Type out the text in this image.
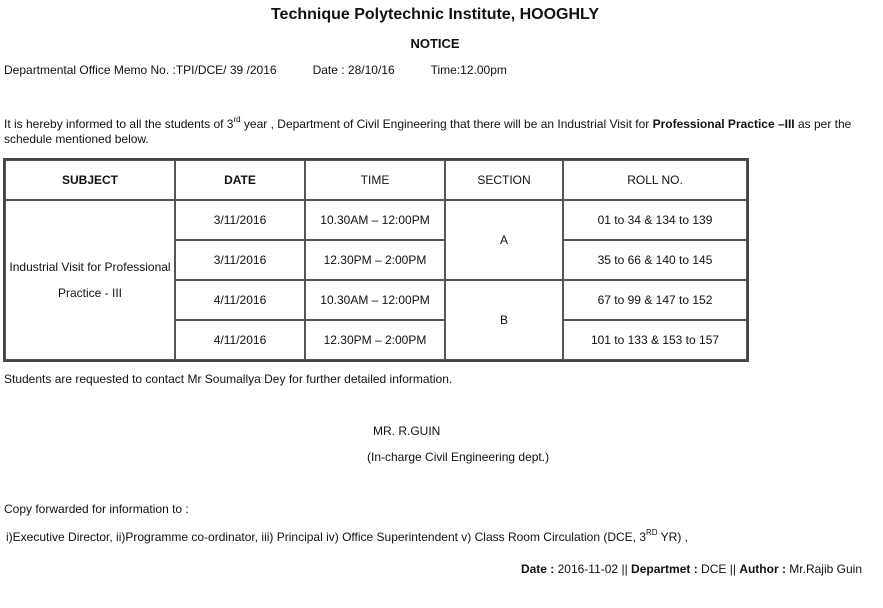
Technique Polytechnic Institute, HOOGHLY
NOTICE
Departmental Office Memo No. :TPI/DCE/ 39 /2016	Date : 28/10/16	Time:12.00pm
It is hereby informed to all the students of 3rd year , Department of Civil Engineering that there will be an Industrial Visit for Professional Practice –III as per the schedule mentioned below.
SUBJECT	DATE	TIME	SECTION	ROLL NO.

Industrial Visit for Professional
Practice - III	3/11/2016	10.30AM – 12:00PM	A	01 to 34 & 134 to 139
	3/11/2016	12.30PM – 2:00PM		35 to 66 & 140 to 145
	4/11/2016	10.30AM – 12:00PM	B	67 to 99 & 147 to 152
	4/11/2016	12.30PM – 2:00PM		101 to 133 & 153 to 157
Students are requested to contact Mr Soumallya Dey for further detailed information.
MR. R.GUIN
(In-charge Civil Engineering dept.)
Copy forwarded for information to :
i)Executive Director, ii)Programme co-ordinator, iii) Principal iv) Office Superintendent v) Class Room Circulation (DCE, 3RD YR) ,
Date : 2016-11-02 || Departmet : DCE || Author : Mr.Rajib Guin
